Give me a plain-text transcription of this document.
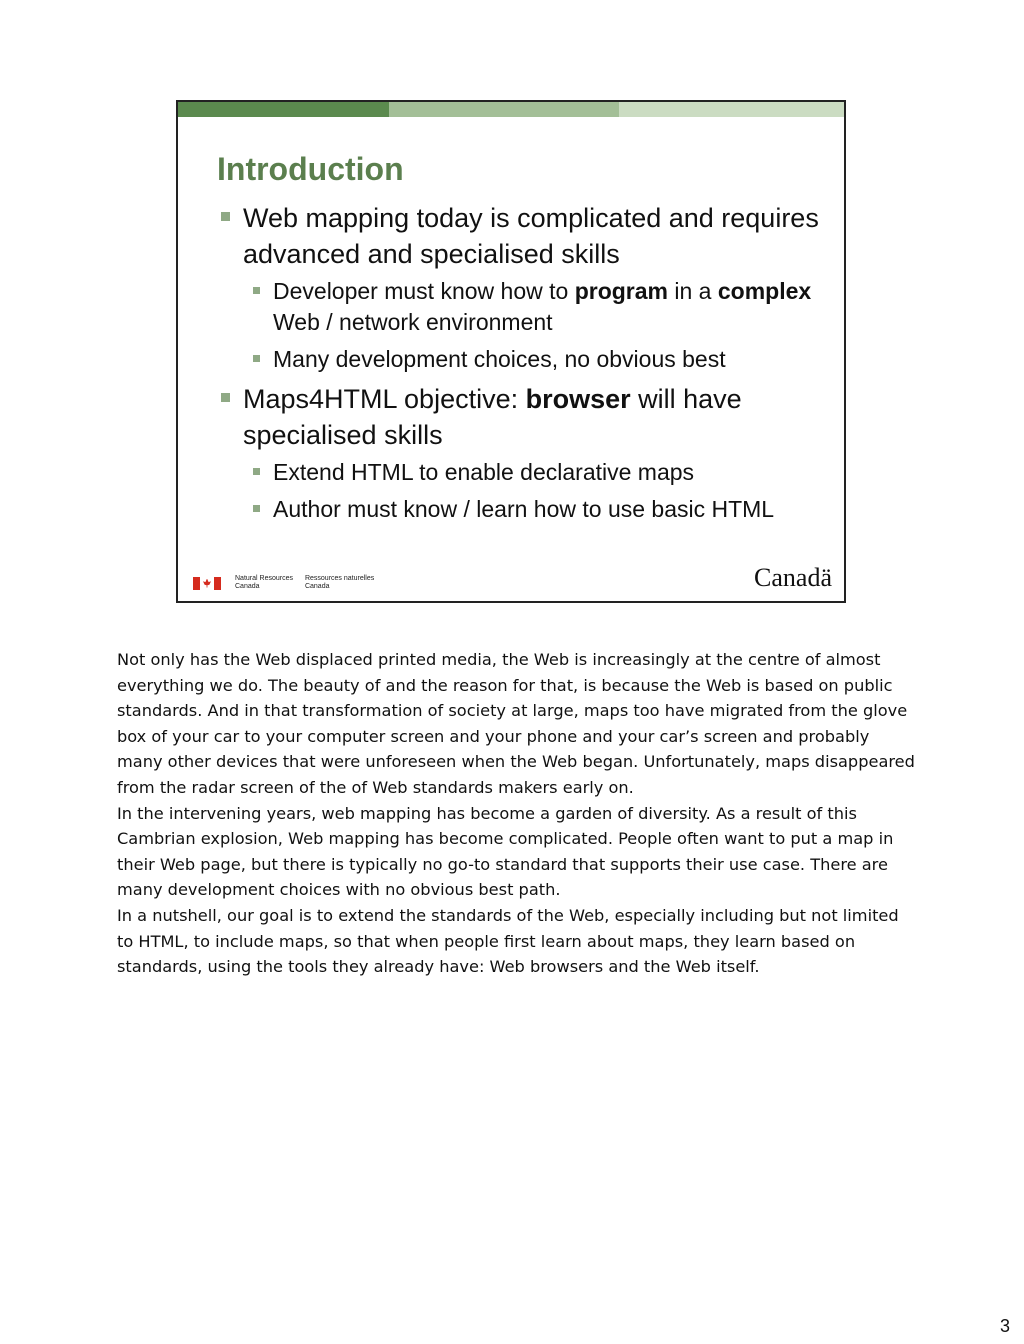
Introduction
Web mapping today is complicated and requires advanced and specialised skills
Developer must know how to program in a complex Web / network environment
Many development choices, no obvious best
Maps4HTML objective: browser will have specialised skills
Extend HTML to enable declarative maps
Author must know / learn how to use basic HTML
Natural Resources
Canada
Ressources naturelles
Canada	Canadä

Not only has the Web displaced printed media, the Web is increasingly at the centre of almost everything we do. The beauty of and the reason for that, is because the Web is based on public standards. And in that transformation of society at large, maps too have migrated from the glove box of your car to your computer screen and your phone and your car’s screen and probably many other devices that were unforeseen when the Web began. Unfortunately, maps disappeared from the radar screen of the of Web standards makers early on.

In the intervening years, web mapping has become a garden of diversity. As a result of this Cambrian explosion, Web mapping has become complicated. People often want to put a map in their Web page, but there is typically no go-to standard that supports their use case. There are many development choices with no obvious best path.

In a nutshell, our goal is to extend the standards of the Web, especially including but not limited to HTML, to include maps, so that when people first learn about maps, they learn based on standards, using the tools they already have: Web browsers and the Web itself.

3
